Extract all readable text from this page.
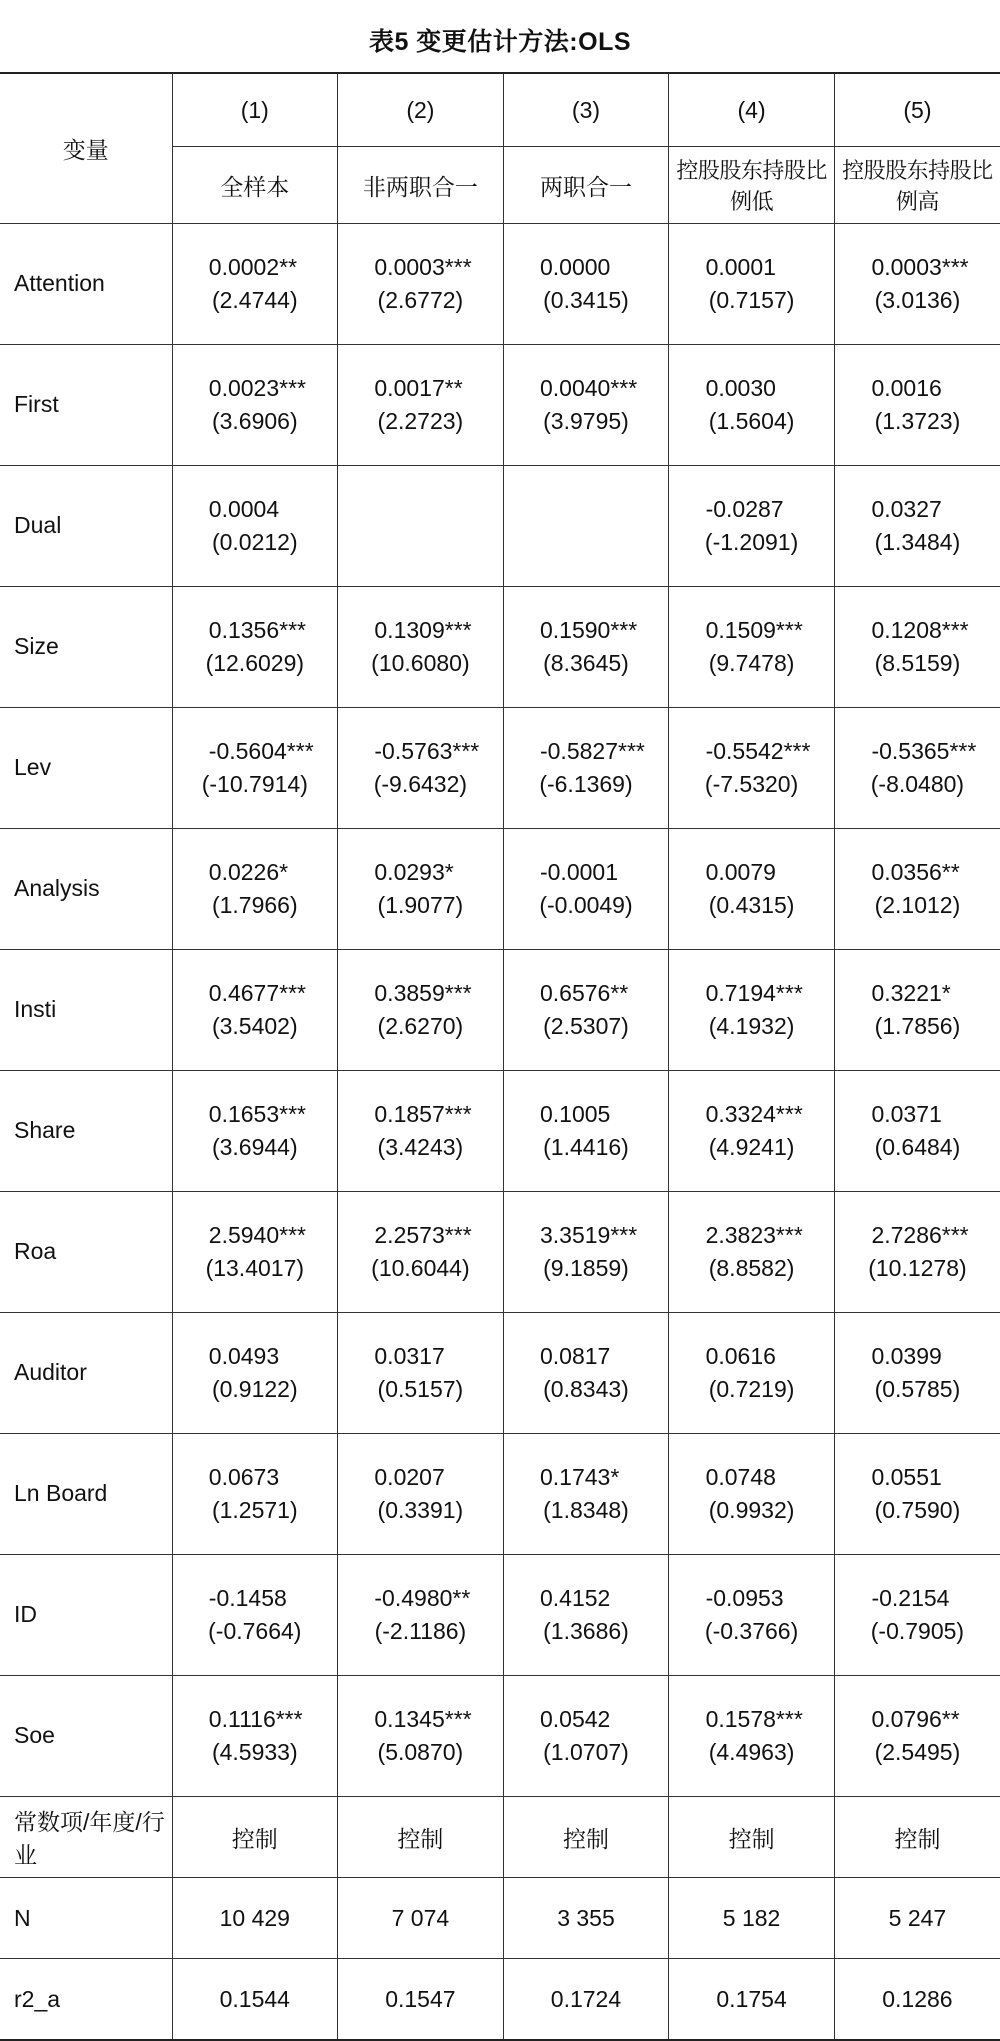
表5 变更估计方法:OLS
变量	(1)	(2)	(3)	(4)	(5)
	全样本	非两职合一	两职合一	控股股东持股比例低	控股股东持股比例高
Attention	0.0002**	0.0003***	0.0000	0.0001	0.0003***
	(2.4744)	(2.6772)	(0.3415)	(0.7157)	(3.0136)
First	0.0023***	0.0017**	0.0040***	0.0030	0.0016
	(3.6906)	(2.2723)	(3.9795)	(1.5604)	(1.3723)
Dual	0.0004			-0.0287	0.0327
	(0.0212)			(-1.2091)	(1.3484)
Size	0.1356***	0.1309***	0.1590***	0.1509***	0.1208***
	(12.6029)	(10.6080)	(8.3645)	(9.7478)	(8.5159)
Lev	-0.5604***	-0.5763***	-0.5827***	-0.5542***	-0.5365***
	(-10.7914)	(-9.6432)	(-6.1369)	(-7.5320)	(-8.0480)
Analysis	0.0226*	0.0293*	-0.0001	0.0079	0.0356**
	(1.7966)	(1.9077)	(-0.0049)	(0.4315)	(2.1012)
Insti	0.4677***	0.3859***	0.6576**	0.7194***	0.3221*
	(3.5402)	(2.6270)	(2.5307)	(4.1932)	(1.7856)
Share	0.1653***	0.1857***	0.1005	0.3324***	0.0371
	(3.6944)	(3.4243)	(1.4416)	(4.9241)	(0.6484)
Roa	2.5940***	2.2573***	3.3519***	2.3823***	2.7286***
	(13.4017)	(10.6044)	(9.1859)	(8.8582)	(10.1278)
Auditor	0.0493	0.0317	0.0817	0.0616	0.0399
	(0.9122)	(0.5157)	(0.8343)	(0.7219)	(0.5785)
Ln Board	0.0673	0.0207	0.1743*	0.0748	0.0551
	(1.2571)	(0.3391)	(1.8348)	(0.9932)	(0.7590)
ID	-0.1458	-0.4980**	0.4152	-0.0953	-0.2154
	(-0.7664)	(-2.1186)	(1.3686)	(-0.3766)	(-0.7905)
Soe	0.1116***	0.1345***	0.0542	0.1578***	0.0796**
	(4.5933)	(5.0870)	(1.0707)	(4.4963)	(2.5495)
常数项/年度/行业	控制	控制	控制	控制	控制
N	10 429	7 074	3 355	5 182	5 247
r2_a	0.1544	0.1547	0.1724	0.1754	0.1286
